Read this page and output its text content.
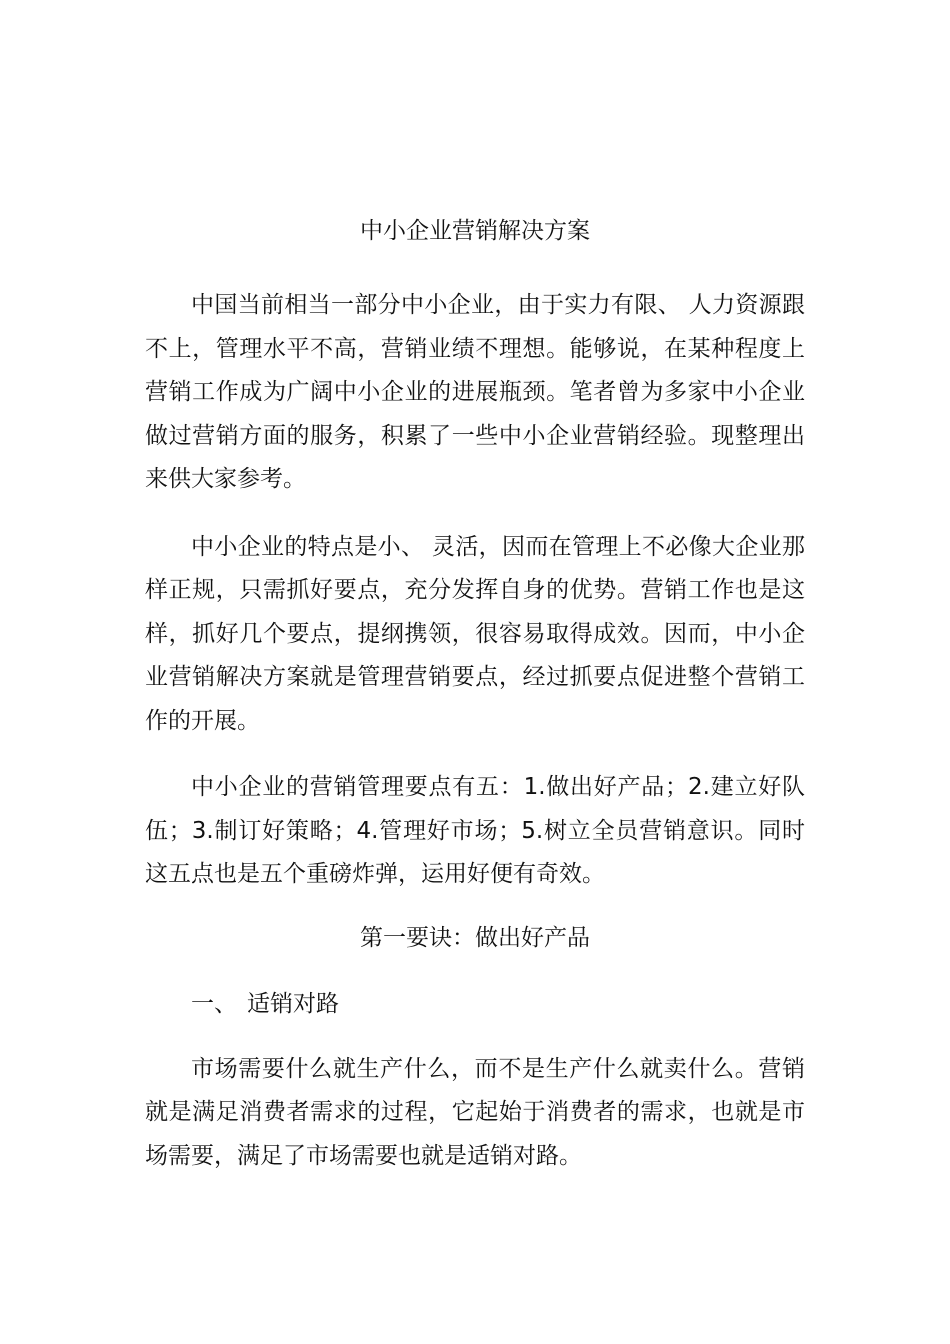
中小企业营销解决方案

中国当前相当一部分中小企业，由于实力有限、 人力资源跟不上，管理水平不高，营销业绩不理想。能够说，在某种程度上营销工作成为广阔中小企业的进展瓶颈。笔者曾为多家中小企业做过营销方面的服务，积累了一些中小企业营销经验。现整理出来供大家参考。

中小企业的特点是小、 灵活，因而在管理上不必像大企业那样正规，只需抓好要点，充分发挥自身的优势。营销工作也是这样，抓好几个要点，提纲携领，很容易取得成效。因而，中小企业营销解决方案就是管理营销要点，经过抓要点促进整个营销工作的开展。

中小企业的营销管理要点有五：1.做出好产品；2.建立好队伍；3.制订好策略；4.管理好市场；5.树立全员营销意识。同时这五点也是五个重磅炸弹，运用好便有奇效。

第一要诀：做出好产品
一、 适销对路

市场需要什么就生产什么，而不是生产什么就卖什么。营销就是满足消费者需求的过程，它起始于消费者的需求，也就是市场需要，满足了市场需要也就是适销对路。
